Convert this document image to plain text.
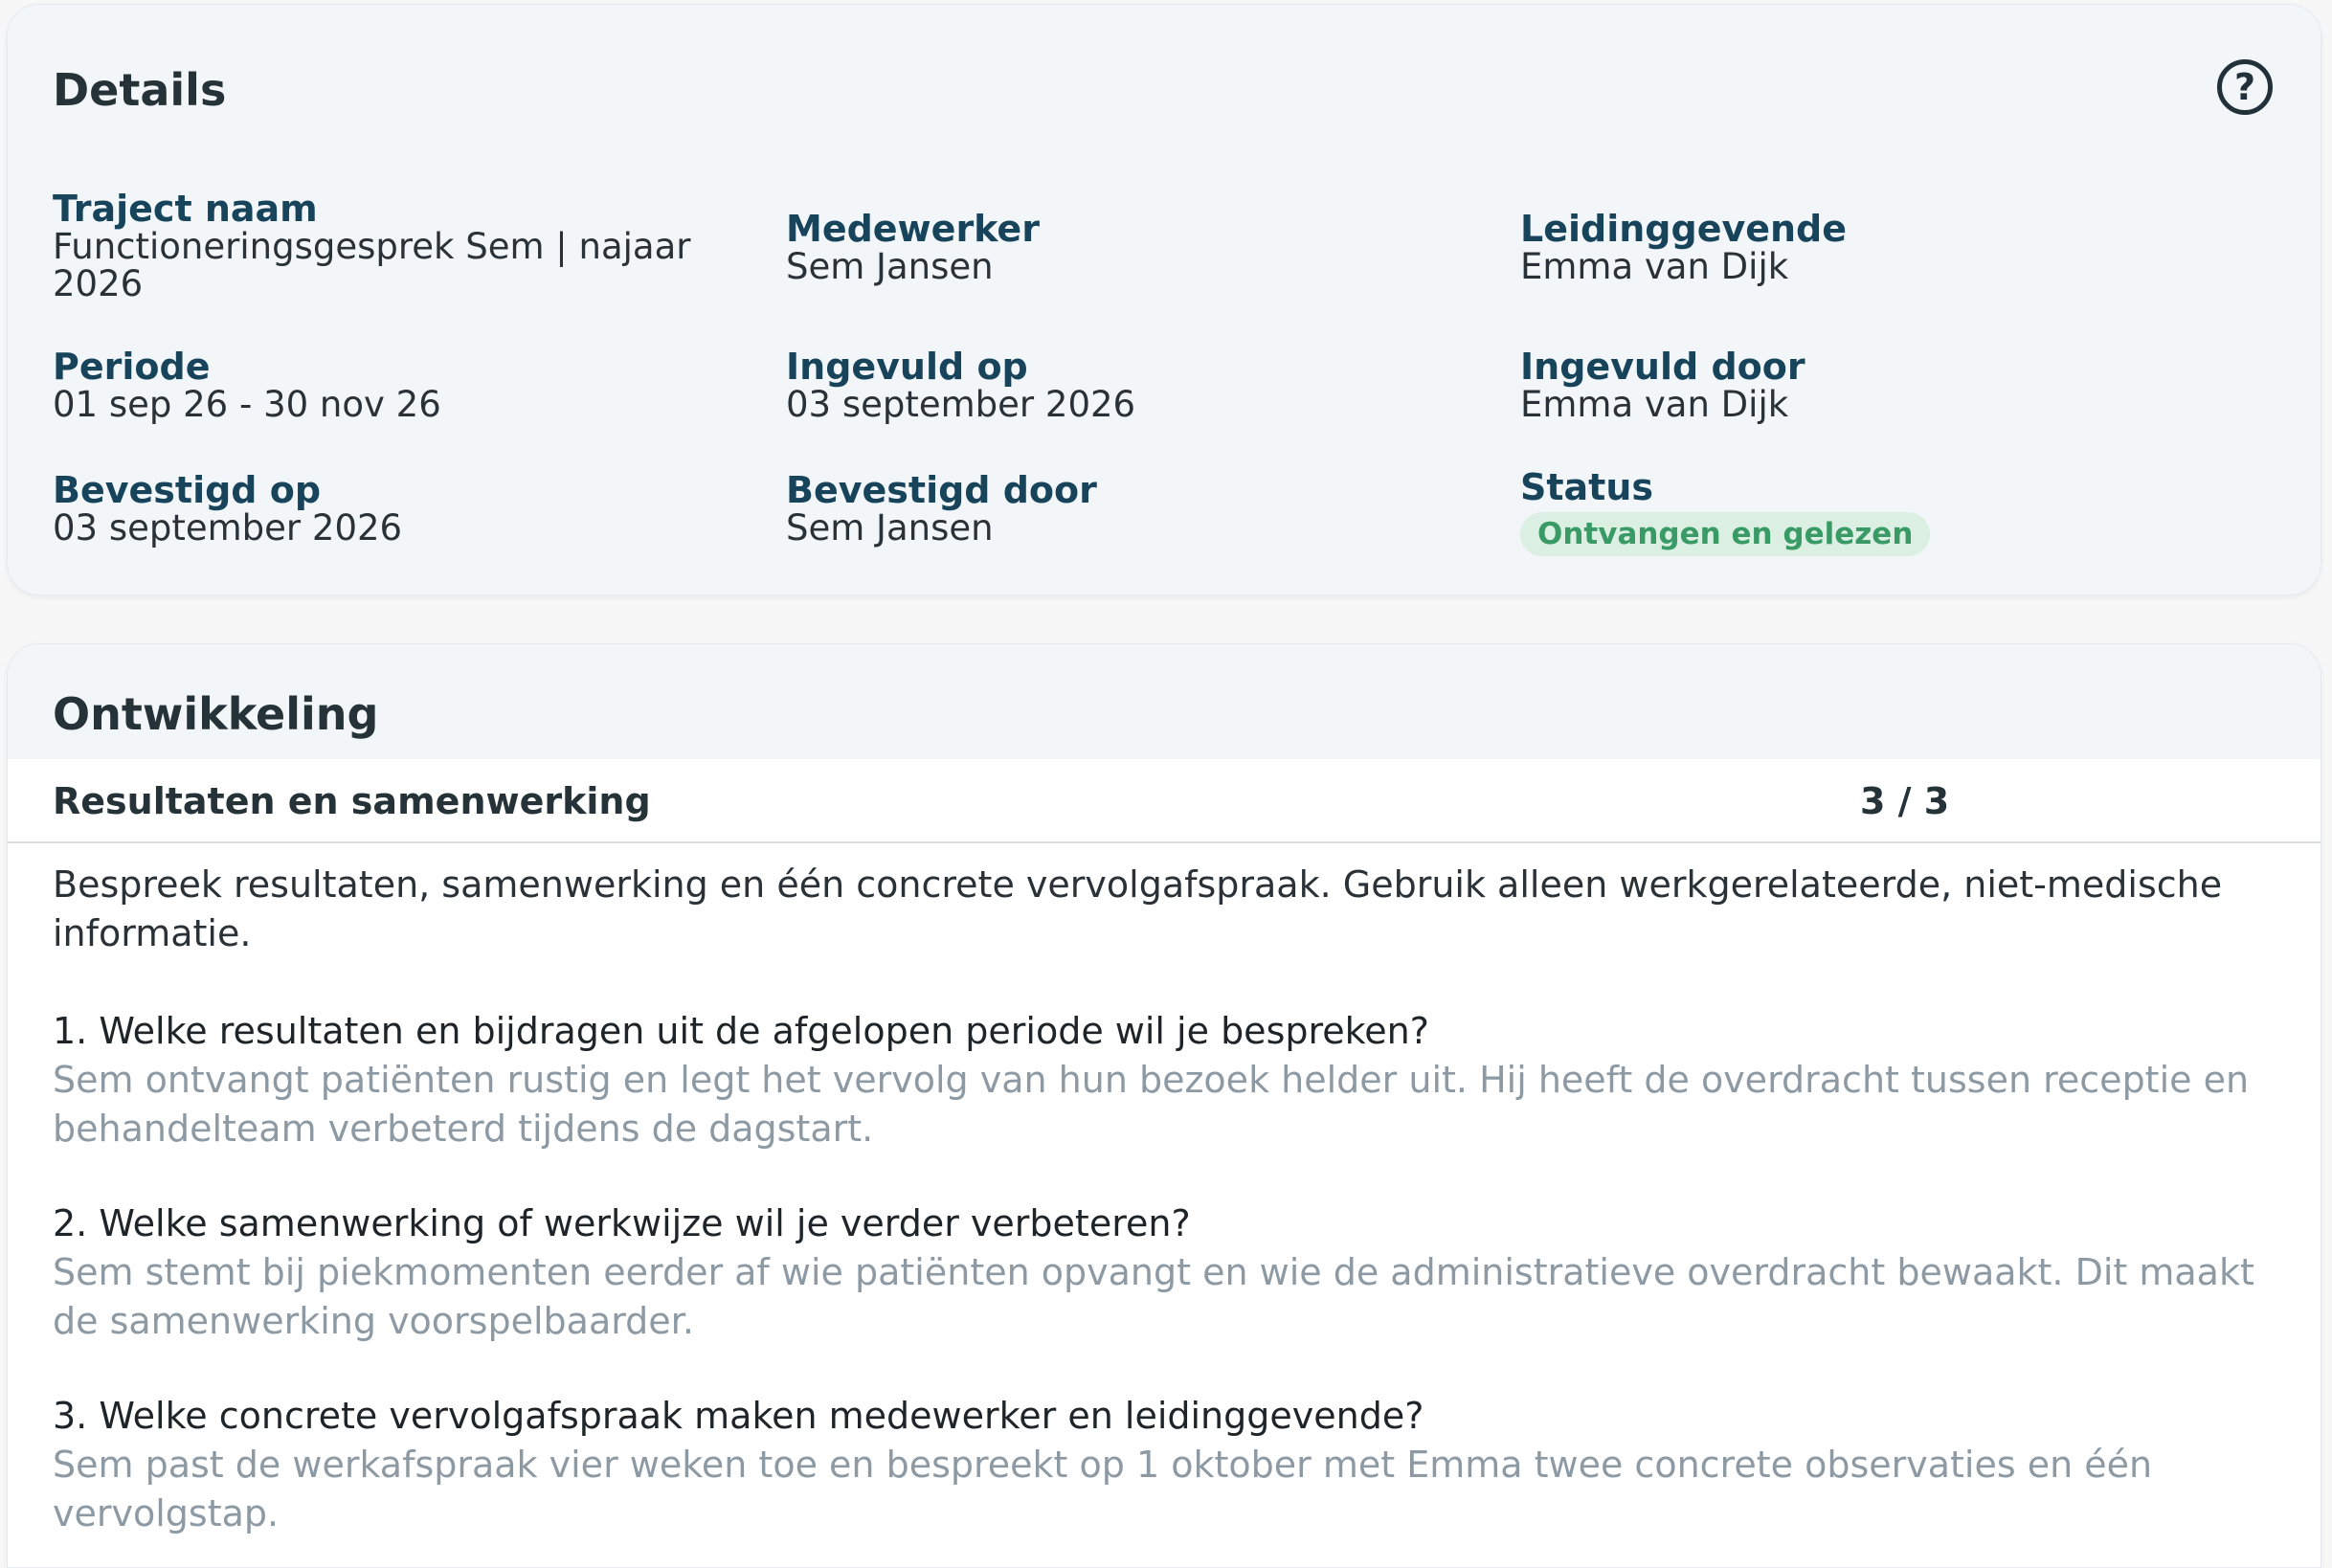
Details	?
Traject naam
Functioneringsgesprek Sem | najaar 2026
Medewerker
Sem Jansen
Leidinggevende
Emma van Dijk
Periode
01 sep 26 - 30 nov 26
Ingevuld op
03 september 2026
Ingevuld door
Emma van Dijk
Bevestigd op
03 september 2026
Bevestigd door
Sem Jansen
Status
Ontvangen en gelezen
Ontwikkeling
Resultaten en samenwerking	3 / 3

Bespreek resultaten, samenwerking en één concrete vervolgafspraak. Gebruik alleen werkgerelateerde, niet-medische informatie.

1. Welke resultaten en bijdragen uit de afgelopen periode wil je bespreken?
Sem ontvangt patiënten rustig en legt het vervolg van hun bezoek helder uit. Hij heeft de overdracht tussen receptie en behandelteam verbeterd tijdens de dagstart.
2. Welke samenwerking of werkwijze wil je verder verbeteren?
Sem stemt bij piekmomenten eerder af wie patiënten opvangt en wie de administratieve overdracht bewaakt. Dit maakt de samenwerking voorspelbaarder.
3. Welke concrete vervolgafspraak maken medewerker en leidinggevende?
Sem past de werkafspraak vier weken toe en bespreekt op 1 oktober met Emma twee concrete observaties en één vervolgstap.
